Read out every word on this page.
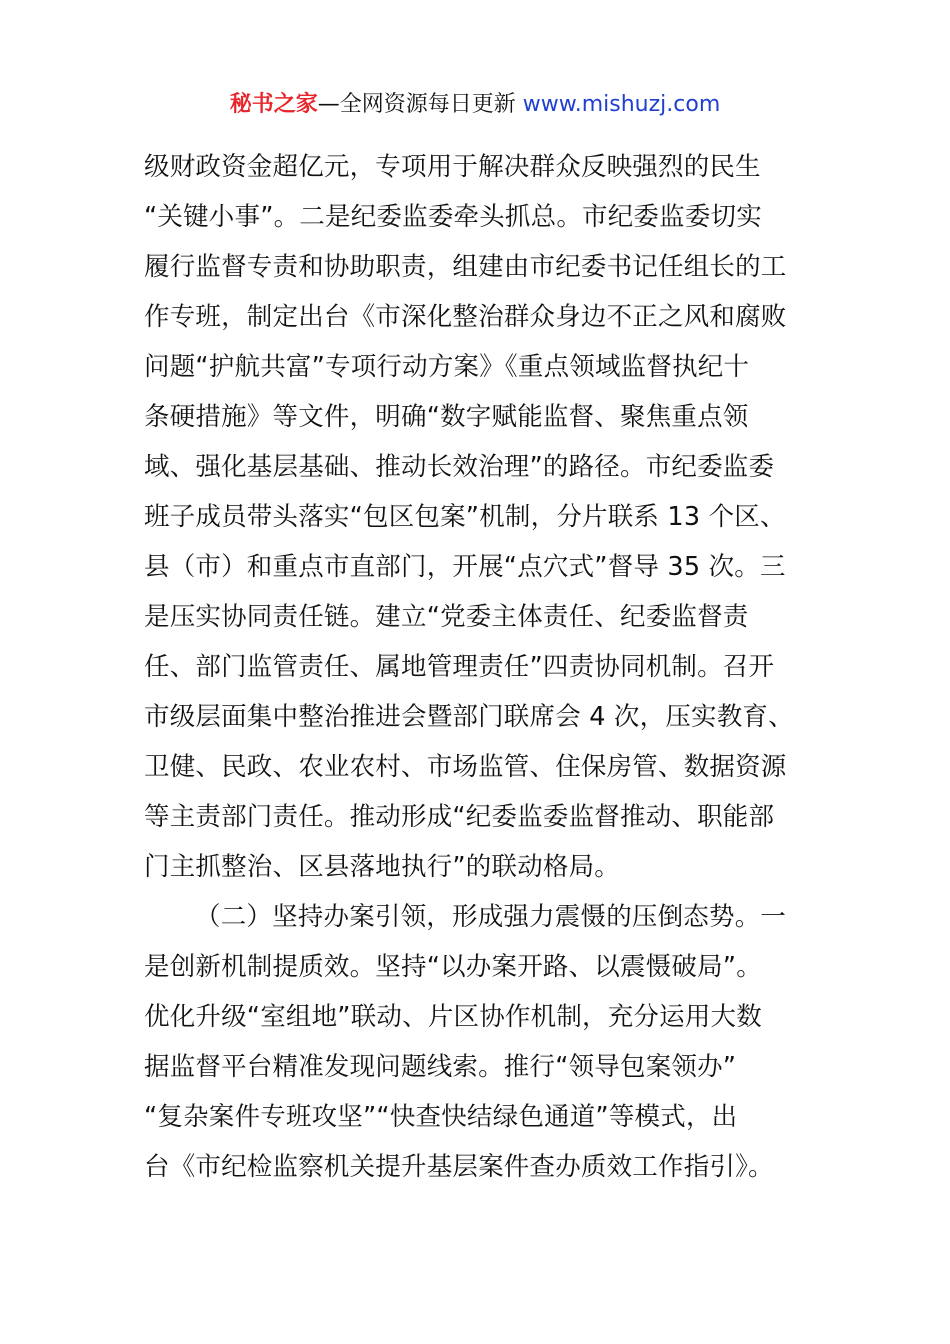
秘书之家—全网资源每日更新 www.mishuzj.com
级财政资金超亿元，专项用于解决群众反映强烈的民生
“关键小事”。二是纪委监委牵头抓总。市纪委监委切实
履行监督专责和协助职责，组建由市纪委书记任组长的工
作专班，制定出台《市深化整治群众身边不正之风和腐败
问题“护航共富”专项行动方案》《重点领域监督执纪十
条硬措施》等文件，明确“数字赋能监督、聚焦重点领
域、强化基层基础、推动长效治理”的路径。市纪委监委
班子成员带头落实“包区包案”机制，分片联系 13 个区、
县（市）和重点市直部门，开展“点穴式”督导 35 次。三
是压实协同责任链。建立“党委主体责任、纪委监督责
任、部门监管责任、属地管理责任”四责协同机制。召开
市级层面集中整治推进会暨部门联席会 4 次，压实教育、
卫健、民政、农业农村、市场监管、住保房管、数据资源
等主责部门责任。推动形成“纪委监委监督推动、职能部
门主抓整治、区县落地执行”的联动格局。
（二）坚持办案引领，形成强力震慑的压倒态势。一
是创新机制提质效。坚持“以办案开路、以震慑破局”。
优化升级“室组地”联动、片区协作机制，充分运用大数
据监督平台精准发现问题线索。推行“领导包案领办”
“复杂案件专班攻坚”“快查快结绿色通道”等模式，出
台《市纪检监察机关提升基层案件查办质效工作指引》。
